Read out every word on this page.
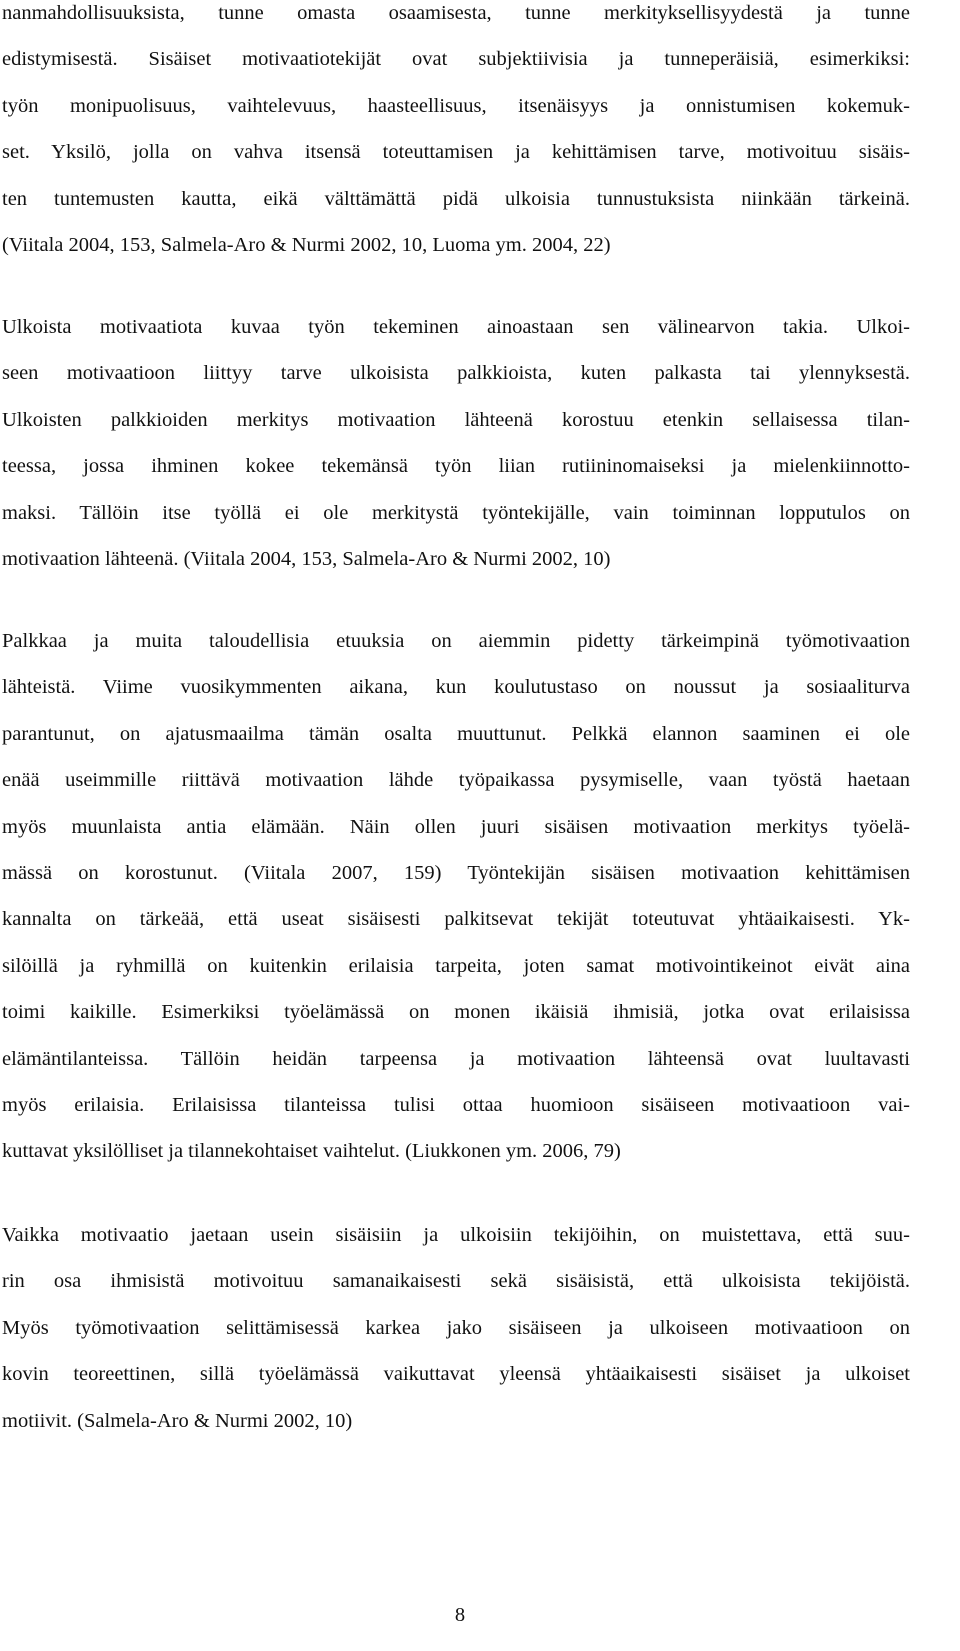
nanmahdollisuuksista, tunne omasta osaamisesta, tunne merkityksellisyydestä ja tunne
edistymisestä. Sisäiset motivaatiotekijät ovat subjektiivisia ja tunneperäisiä, esimerkiksi:
työn monipuolisuus, vaihtelevuus, haasteellisuus, itsenäisyys ja onnistumisen kokemuk-
set. Yksilö, jolla on vahva itsensä toteuttamisen ja kehittämisen tarve, motivoituu sisäis-
ten tuntemusten kautta, eikä välttämättä pidä ulkoisia tunnustuksista niinkään tärkeinä.
(Viitala 2004, 153, Salmela-Aro & Nurmi 2002, 10, Luoma ym. 2004, 22)
Ulkoista motivaatiota kuvaa työn tekeminen ainoastaan sen välinearvon takia. Ulkoi-
seen motivaatioon liittyy tarve ulkoisista palkkioista, kuten palkasta tai ylennyksestä.
Ulkoisten palkkioiden merkitys motivaation lähteenä korostuu etenkin sellaisessa tilan-
teessa, jossa ihminen kokee tekemänsä työn liian rutiininomaiseksi ja mielenkiinnotto-
maksi. Tällöin itse työllä ei ole merkitystä työntekijälle, vain toiminnan lopputulos on
motivaation lähteenä. (Viitala 2004, 153, Salmela-Aro & Nurmi 2002, 10)
Palkkaa ja muita taloudellisia etuuksia on aiemmin pidetty tärkeimpinä työmotivaation
lähteistä. Viime vuosikymmenten aikana, kun koulutustaso on noussut ja sosiaaliturva
parantunut, on ajatusmaailma tämän osalta muuttunut. Pelkkä elannon saaminen ei ole
enää useimmille riittävä motivaation lähde työpaikassa pysymiselle, vaan työstä haetaan
myös muunlaista antia elämään. Näin ollen juuri sisäisen motivaation merkitys työelä-
mässä on korostunut. (Viitala 2007, 159) Työntekijän sisäisen motivaation kehittämisen
kannalta on tärkeää, että useat sisäisesti palkitsevat tekijät toteutuvat yhtäaikaisesti. Yk-
silöillä ja ryhmillä on kuitenkin erilaisia tarpeita, joten samat motivointikeinot eivät aina
toimi kaikille. Esimerkiksi työelämässä on monen ikäisiä ihmisiä, jotka ovat erilaisissa
elämäntilanteissa. Tällöin heidän tarpeensa ja motivaation lähteensä ovat luultavasti
myös erilaisia. Erilaisissa tilanteissa tulisi ottaa huomioon sisäiseen motivaatioon vai-
kuttavat yksilölliset ja tilannekohtaiset vaihtelut. (Liukkonen ym. 2006, 79)
Vaikka motivaatio jaetaan usein sisäisiin ja ulkoisiin tekijöihin, on muistettava, että suu-
rin osa ihmisistä motivoituu samanaikaisesti sekä sisäisistä, että ulkoisista tekijöistä.
Myös työmotivaation selittämisessä karkea jako sisäiseen ja ulkoiseen motivaatioon on
kovin teoreettinen, sillä työelämässä vaikuttavat yleensä yhtäaikaisesti sisäiset ja ulkoiset
motiivit. (Salmela-Aro & Nurmi 2002, 10)
8
